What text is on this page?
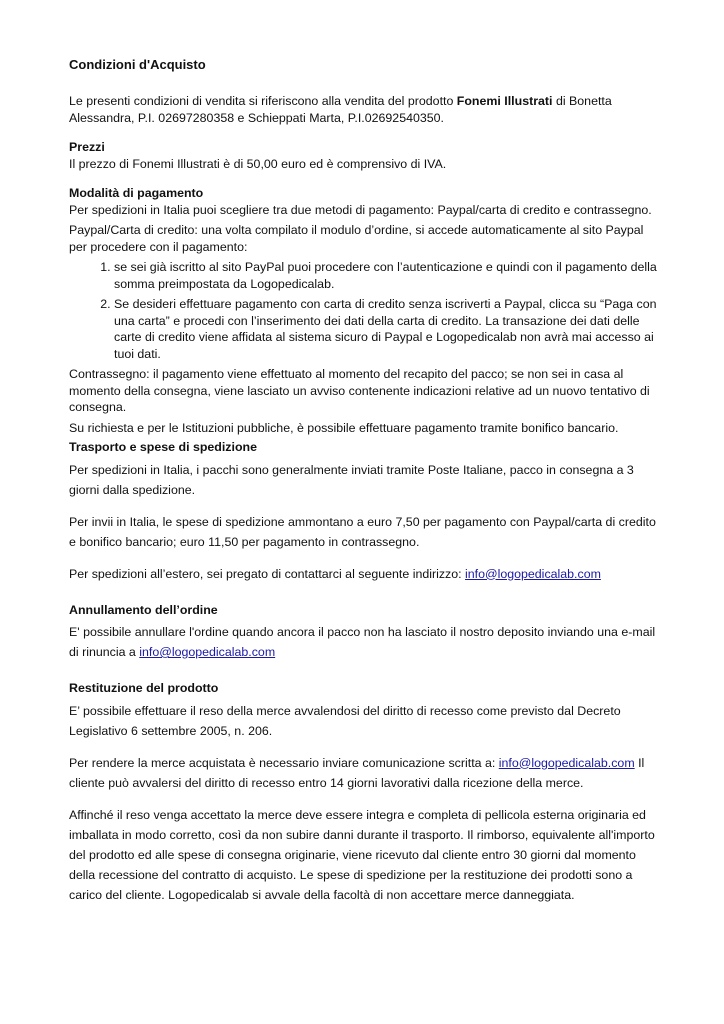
Condizioni d'Acquisto

Le presenti condizioni di vendita si riferiscono alla vendita del prodotto Fonemi Illustrati di Bonetta Alessandra, P.I. 02697280358 e Schieppati Marta, P.I.02692540350.

Prezzi

Il prezzo di Fonemi Illustrati è di 50,00 euro ed è comprensivo di IVA.

Modalità di pagamento

Per spedizioni in Italia puoi scegliere tra due metodi di pagamento: Paypal/carta di credito e contrassegno.

Paypal/Carta di credito: una volta compilato il modulo d’ordine, si accede automaticamente al sito Paypal per procedere con il pagamento:

1. se sei già iscritto al sito PayPal puoi procedere con l’autenticazione e quindi con il pagamento della somma preimpostata da Logopedicalab.
2. Se desideri effettuare pagamento con carta di credito senza iscriverti a Paypal, clicca su “Paga con una carta” e procedi con l’inserimento dei dati della carta di credito. La transazione dei dati delle carte di credito viene affidata al sistema sicuro di Paypal e Logopedicalab non avrà mai accesso ai tuoi dati.

Contrassegno: il pagamento viene effettuato al momento del recapito del pacco; se non sei in casa al momento della consegna, viene lasciato un avviso contenente indicazioni relative ad un nuovo tentativo di consegna.

Su richiesta e per le Istituzioni pubbliche, è possibile effettuare pagamento tramite bonifico bancario.

Trasporto e spese di spedizione

Per spedizioni in Italia, i pacchi sono generalmente inviati tramite Poste Italiane, pacco in consegna a 3 giorni dalla spedizione.

Per invii in Italia, le spese di spedizione ammontano a euro 7,50 per pagamento con Paypal/carta di credito e bonifico bancario; euro 11,50 per pagamento in contrassegno.

Per spedizioni all’estero, sei pregato di contattarci al seguente indirizzo: info@logopedicalab.com

Annullamento dell’ordine

E' possibile annullare l'ordine quando ancora il pacco non ha lasciato il nostro deposito inviando una e-mail di rinuncia a info@logopedicalab.com

Restituzione del prodotto

E’ possibile effettuare il reso della merce avvalendosi del diritto di recesso come previsto dal Decreto Legislativo 6 settembre 2005, n. 206.

Per rendere la merce acquistata è necessario inviare comunicazione scritta a: info@logopedicalab.com Il cliente può avvalersi del diritto di recesso entro 14 giorni lavorativi dalla ricezione della merce.

Affinché il reso venga accettato la merce deve essere integra e completa di pellicola esterna originaria ed imballata in modo corretto, così da non subire danni durante il trasporto. Il rimborso, equivalente all'importo del prodotto ed alle spese di consegna originarie, viene ricevuto dal cliente entro 30 giorni dal momento della recessione del contratto di acquisto. Le spese di spedizione per la restituzione dei prodotti sono a carico del cliente. Logopedicalab si avvale della facoltà di non accettare merce danneggiata.
